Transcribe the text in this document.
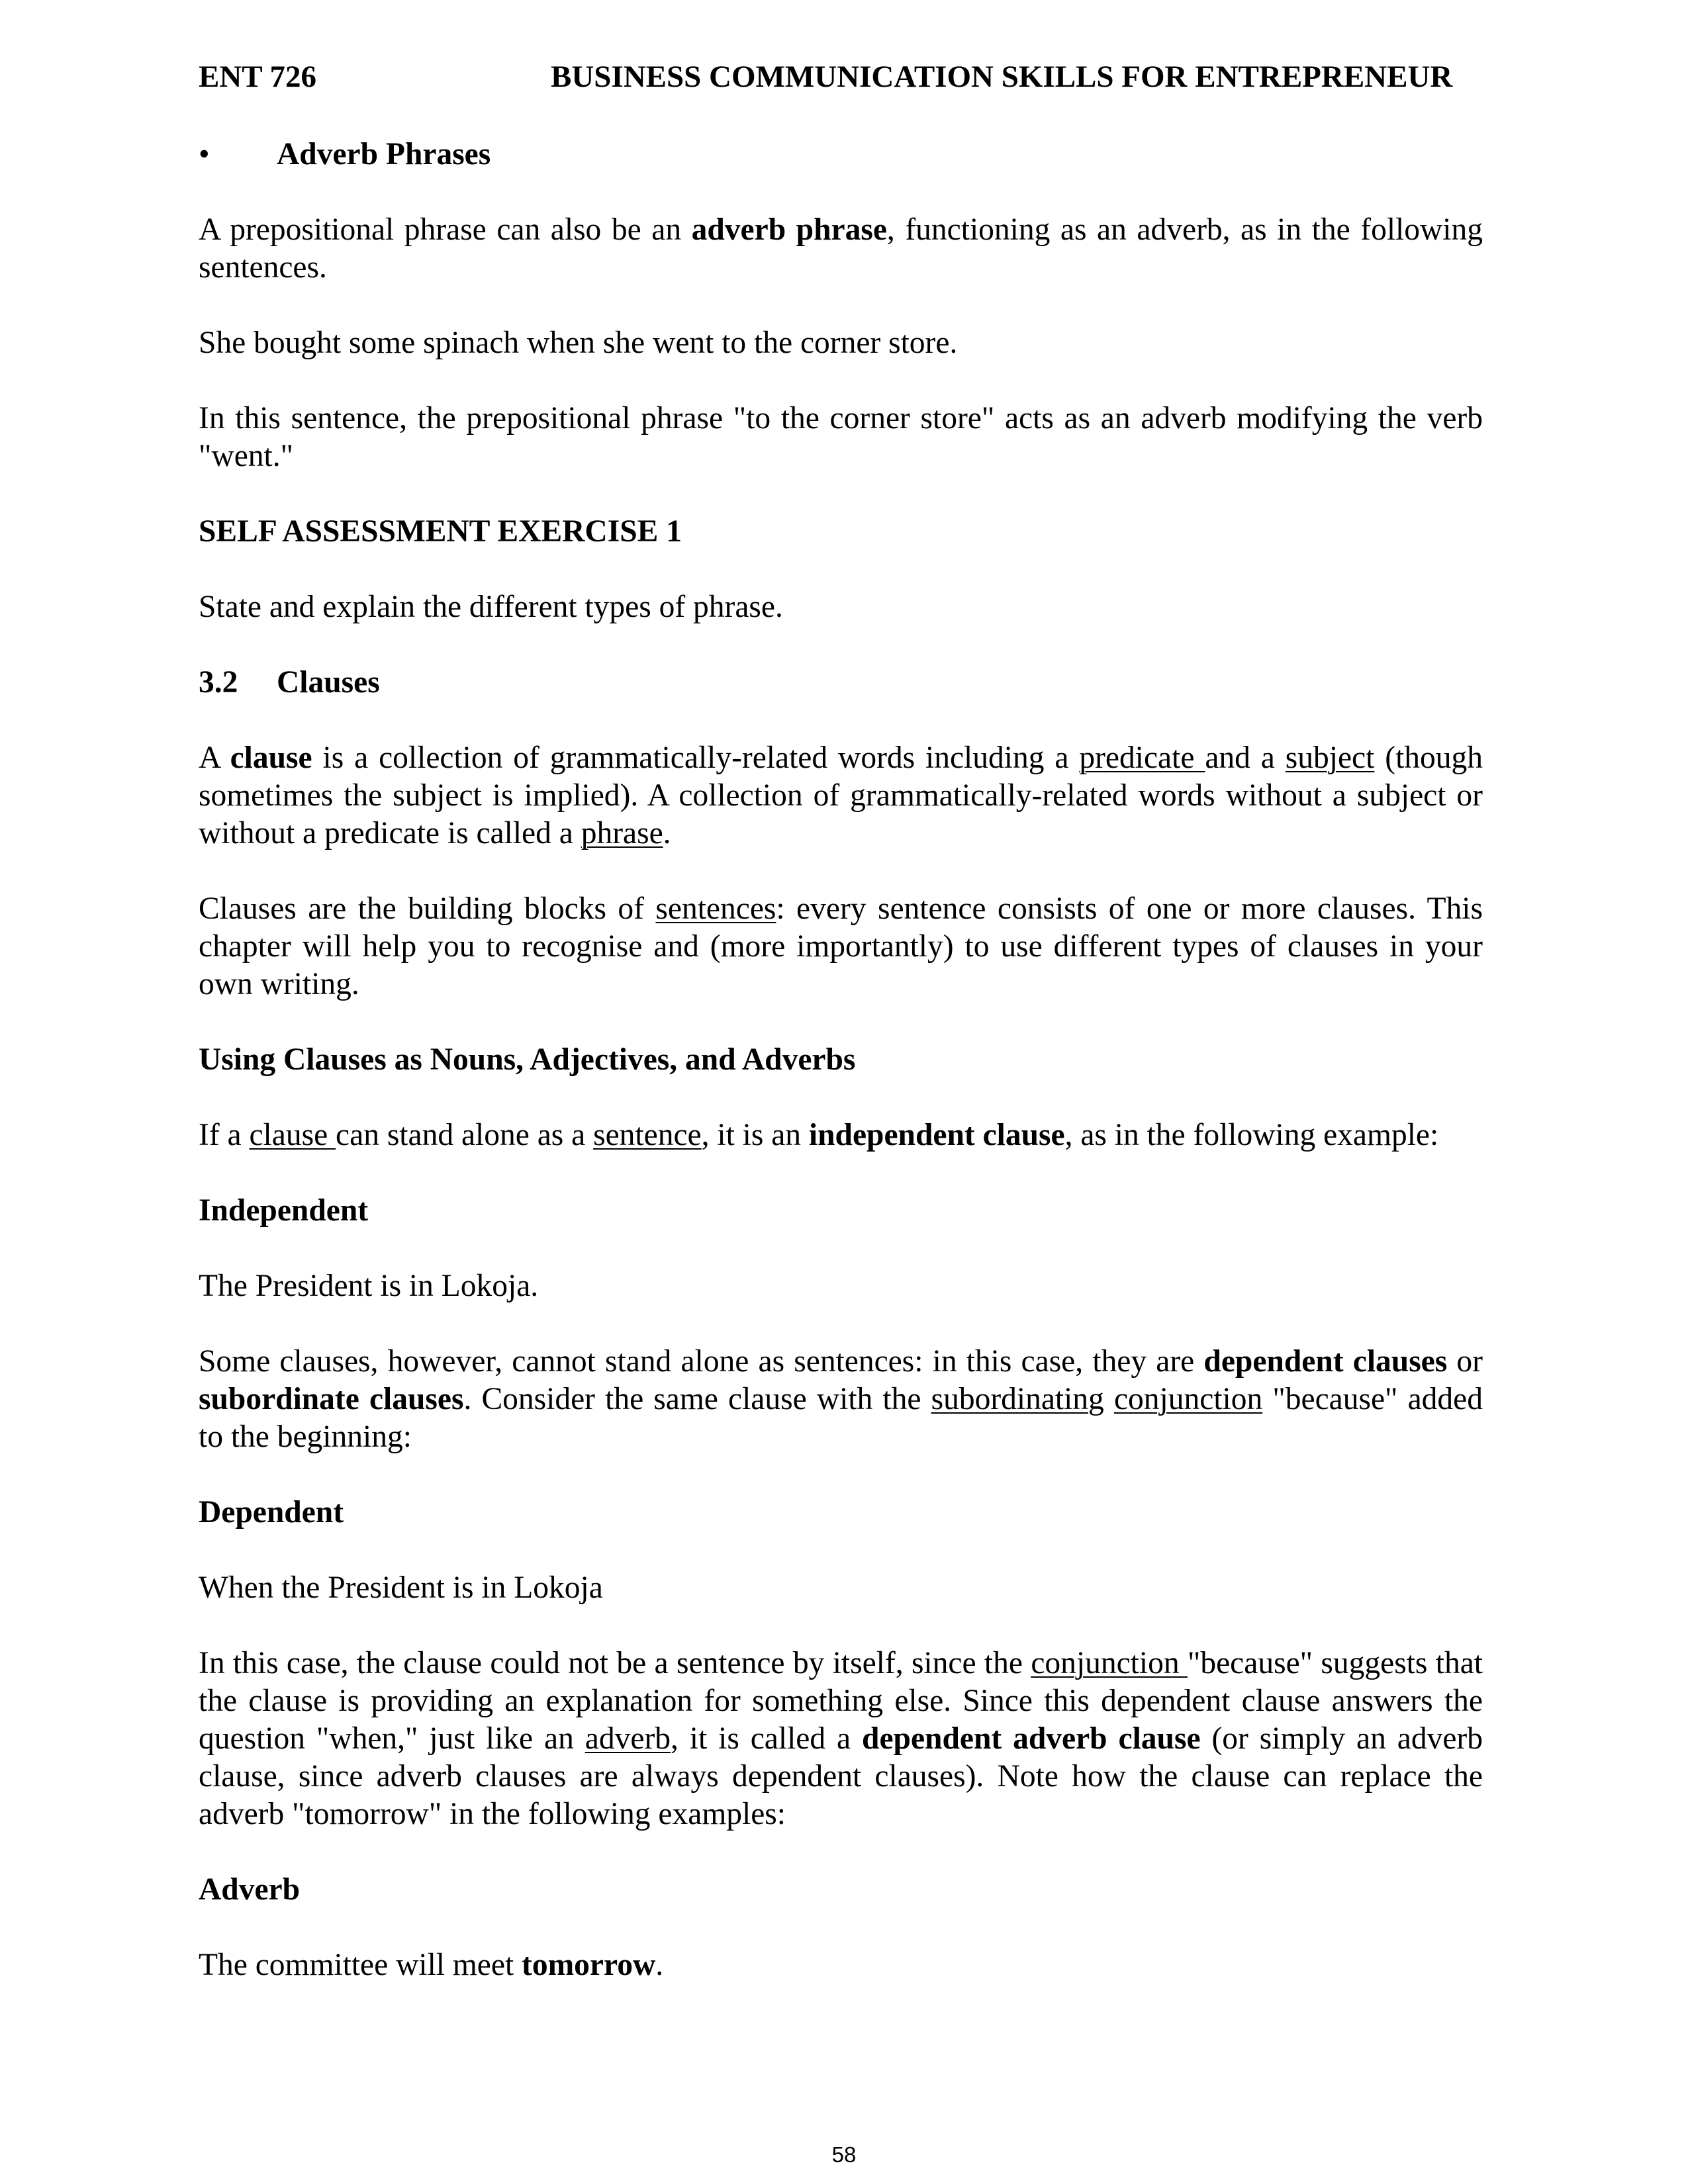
ENT 726	BUSINESS COMMUNICATION SKILLS FOR ENTREPRENEUR
• Adverb Phrases

A prepositional phrase can also be an adverb phrase, functioning as an adverb, as in the following sentences.

She bought some spinach when she went to the corner store.

In this sentence, the prepositional phrase "to the corner store" acts as an adverb modifying the verb "went."

SELF ASSESSMENT EXERCISE 1

State and explain the different types of phrase.

3.2 Clauses

A clause is a collection of grammatically-related words including a predicate and a subject (though sometimes the subject is implied). A collection of grammatically-related words without a subject or without a predicate is called a phrase.

Clauses are the building blocks of sentences: every sentence consists of one or more clauses. This chapter will help you to recognise and (more importantly) to use different types of clauses in your own writing.

Using Clauses as Nouns, Adjectives, and Adverbs

If a clause can stand alone as a sentence, it is an independent clause, as in the following example:

Independent

The President is in Lokoja.

Some clauses, however, cannot stand alone as sentences: in this case, they are dependent clauses or subordinate clauses. Consider the same clause with the subordinating conjunction "because" added to the beginning:

Dependent

When the President is in Lokoja

In this case, the clause could not be a sentence by itself, since the conjunction "because" suggests that the clause is providing an explanation for something else. Since this dependent clause answers the question "when," just like an adverb, it is called a dependent adverb clause (or simply an adverb clause, since adverb clauses are always dependent clauses). Note how the clause can replace the adverb "tomorrow" in the following examples:

Adverb

The committee will meet tomorrow.

58
